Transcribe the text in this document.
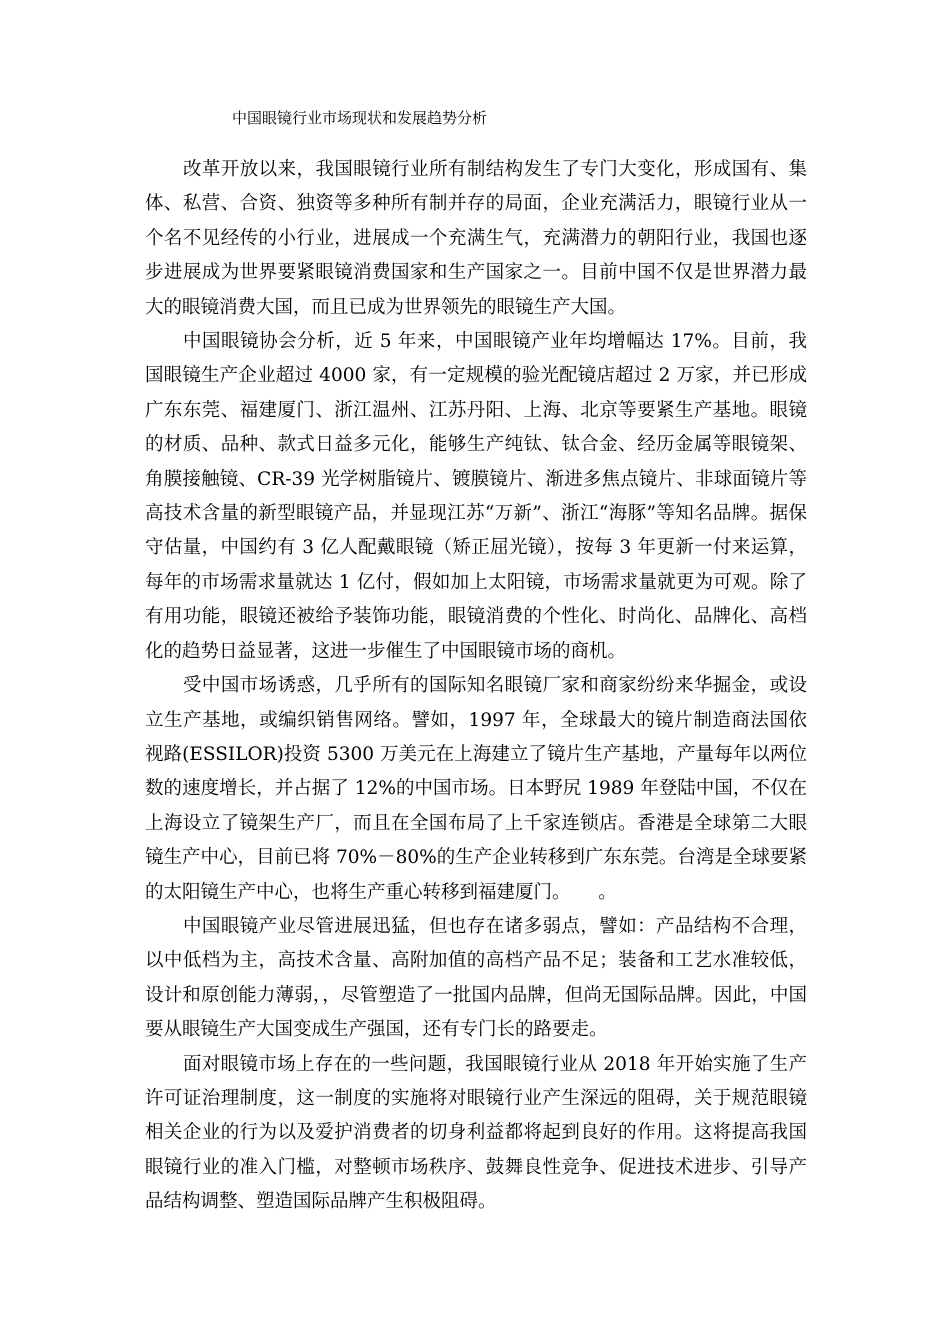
中国眼镜行业市场现状和发展趋势分析

改革开放以来，我国眼镜行业所有制结构发生了专门大变化，形成国有、集体、私营、合资、独资等多种所有制并存的局面，企业充满活力，眼镜行业从一个名不见经传的小行业，进展成一个充满生气，充满潜力的朝阳行业，我国也逐步进展成为世界要紧眼镜消费国家和生产国家之一。目前中国不仅是世界潜力最大的眼镜消费大国，而且已成为世界领先的眼镜生产大国。

中国眼镜协会分析，近 5 年来，中国眼镜产业年均增幅达 17%。目前，我国眼镜生产企业超过 4000 家，有一定规模的验光配镜店超过 2 万家，并已形成广东东莞、福建厦门、浙江温州、江苏丹阳、上海、北京等要紧生产基地。眼镜的材质、品种、款式日益多元化，能够生产纯钛、钛合金、经历金属等眼镜架、角膜接触镜、CR-39 光学树脂镜片、镀膜镜片、渐进多焦点镜片、非球面镜片等高技术含量的新型眼镜产品，并显现江苏“万新”、浙江“海豚”等知名品牌。据保守估量，中国约有 3 亿人配戴眼镜（矫正屈光镜），按每 3 年更新一付来运算，每年的市场需求量就达 1 亿付，假如加上太阳镜，市场需求量就更为可观。除了有用功能，眼镜还被给予装饰功能，眼镜消费的个性化、时尚化、品牌化、高档化的趋势日益显著，这进一步催生了中国眼镜市场的商机。

受中国市场诱惑，几乎所有的国际知名眼镜厂家和商家纷纷来华掘金，或设立生产基地，或编织销售网络。譬如，1997 年，全球最大的镜片制造商法国依视路(ESSILOR)投资 5300 万美元在上海建立了镜片生产基地，产量每年以两位数的速度增长，并占据了 12%的中国市场。日本野尻 1989 年登陆中国，不仅在上海设立了镜架生产厂，而且在全国布局了上千家连锁店。香港是全球第二大眼镜生产中心，目前已将 70%－80%的生产企业转移到广东东莞。台湾是全球要紧的太阳镜生产中心，也将生产重心转移到福建厦门。　　。

中国眼镜产业尽管进展迅猛，但也存在诸多弱点，譬如：产品结构不合理，以中低档为主，高技术含量、高附加值的高档产品不足；装备和工艺水准较低，设计和原创能力薄弱，，尽管塑造了一批国内品牌，但尚无国际品牌。因此，中国要从眼镜生产大国变成生产强国，还有专门长的路要走。

面对眼镜市场上存在的一些问题，我国眼镜行业从 2018 年开始实施了生产许可证治理制度，这一制度的实施将对眼镜行业产生深远的阻碍，关于规范眼镜相关企业的行为以及爱护消费者的切身利益都将起到良好的作用。这将提高我国眼镜行业的准入门槛，对整顿市场秩序、鼓舞良性竞争、促进技术进步、引导产品结构调整、塑造国际品牌产生积极阻碍。
